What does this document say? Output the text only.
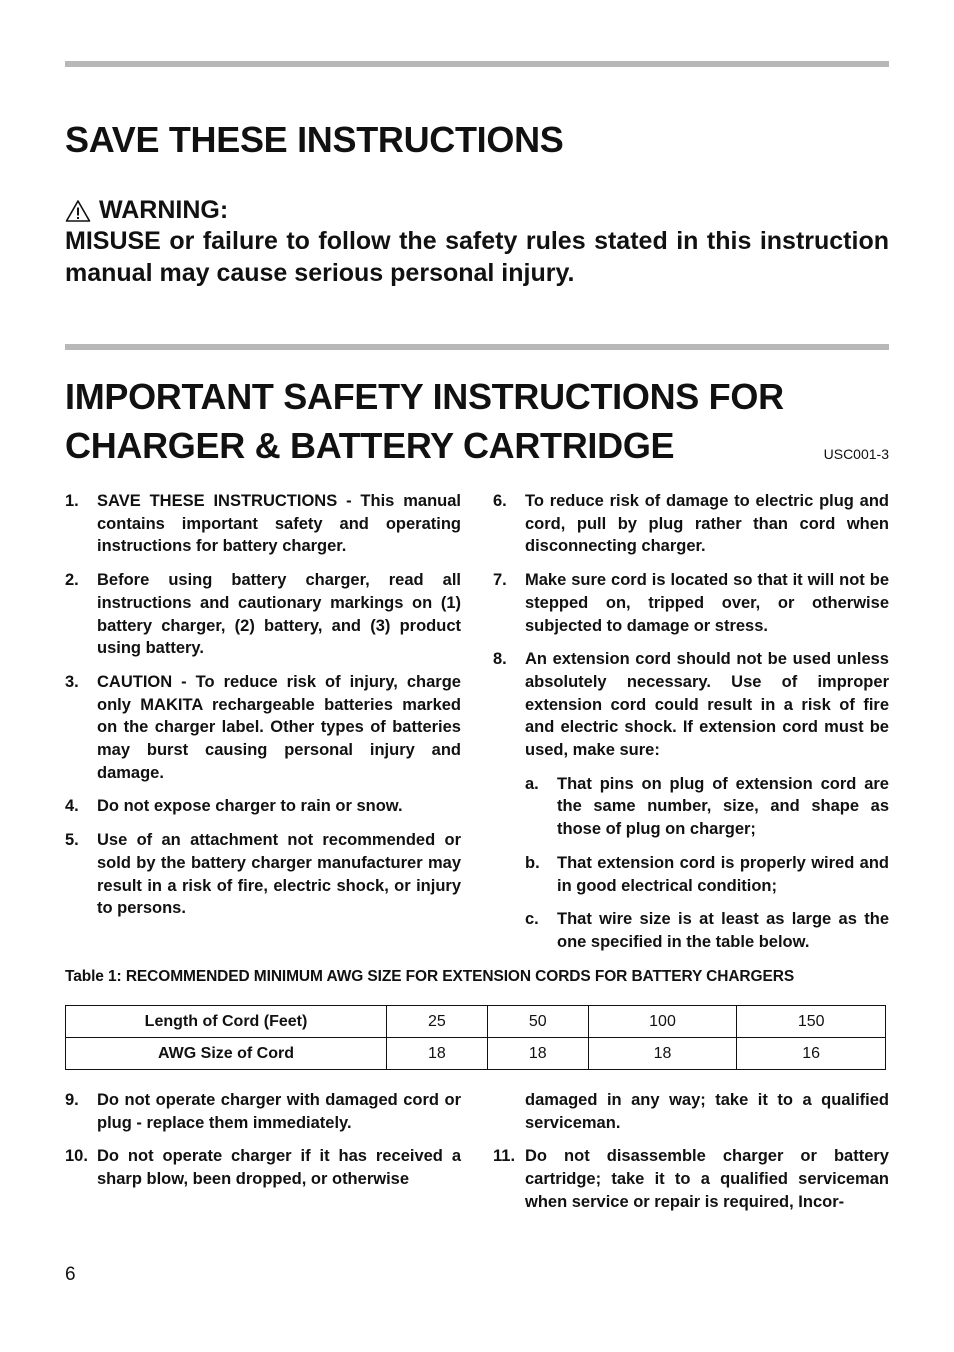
SAVE THESE INSTRUCTIONS
WARNING:

MISUSE or failure to follow the safety rules stated in this instruction manual may cause serious personal injury.

IMPORTANT SAFETY INSTRUCTIONS FOR
CHARGER & BATTERY CARTRIDGE	USC001-3
1.	SAVE THESE INSTRUCTIONS - This manual contains important safety and operating instructions for battery charger.
2.	Before using battery charger, read all instructions and cautionary markings on (1) battery charger, (2) battery, and (3) product using battery.
3.	CAUTION - To reduce risk of injury, charge only MAKITA rechargeable batteries marked on the charger label. Other types of batteries may burst causing personal injury and damage.
4.	Do not expose charger to rain or snow.
5.	Use of an attachment not recommended or sold by the battery charger manufacturer may result in a risk of fire, electric shock, or injury to persons.
6.	To reduce risk of damage to electric plug and cord, pull by plug rather than cord when disconnecting charger.
7.	Make sure cord is located so that it will not be stepped on, tripped over, or otherwise subjected to damage or stress.
8.	An extension cord should not be used unless absolutely necessary. Use of improper extension cord could result in a risk of fire and electric shock. If extension cord must be used, make sure:
a.	That pins on plug of extension cord are the same number, size, and shape as those of plug on charger;
b.	That extension cord is properly wired and in good electrical condition;
c.	That wire size is at least as large as the one specified in the table below.
Table 1: RECOMMENDED MINIMUM AWG SIZE FOR EXTENSION CORDS FOR BATTERY CHARGERS
Length of Cord (Feet)	25	50	100	150
AWG Size of Cord	18	18	18	16
9.	Do not operate charger with damaged cord or plug - replace them immediately.
10. Do not operate charger if it has received a sharp blow, been dropped, or otherwise
damaged in any way; take it to a qualified serviceman.
11. Do not disassemble charger or battery cartridge; take it to a qualified serviceman when service or repair is required, Incor-
6
